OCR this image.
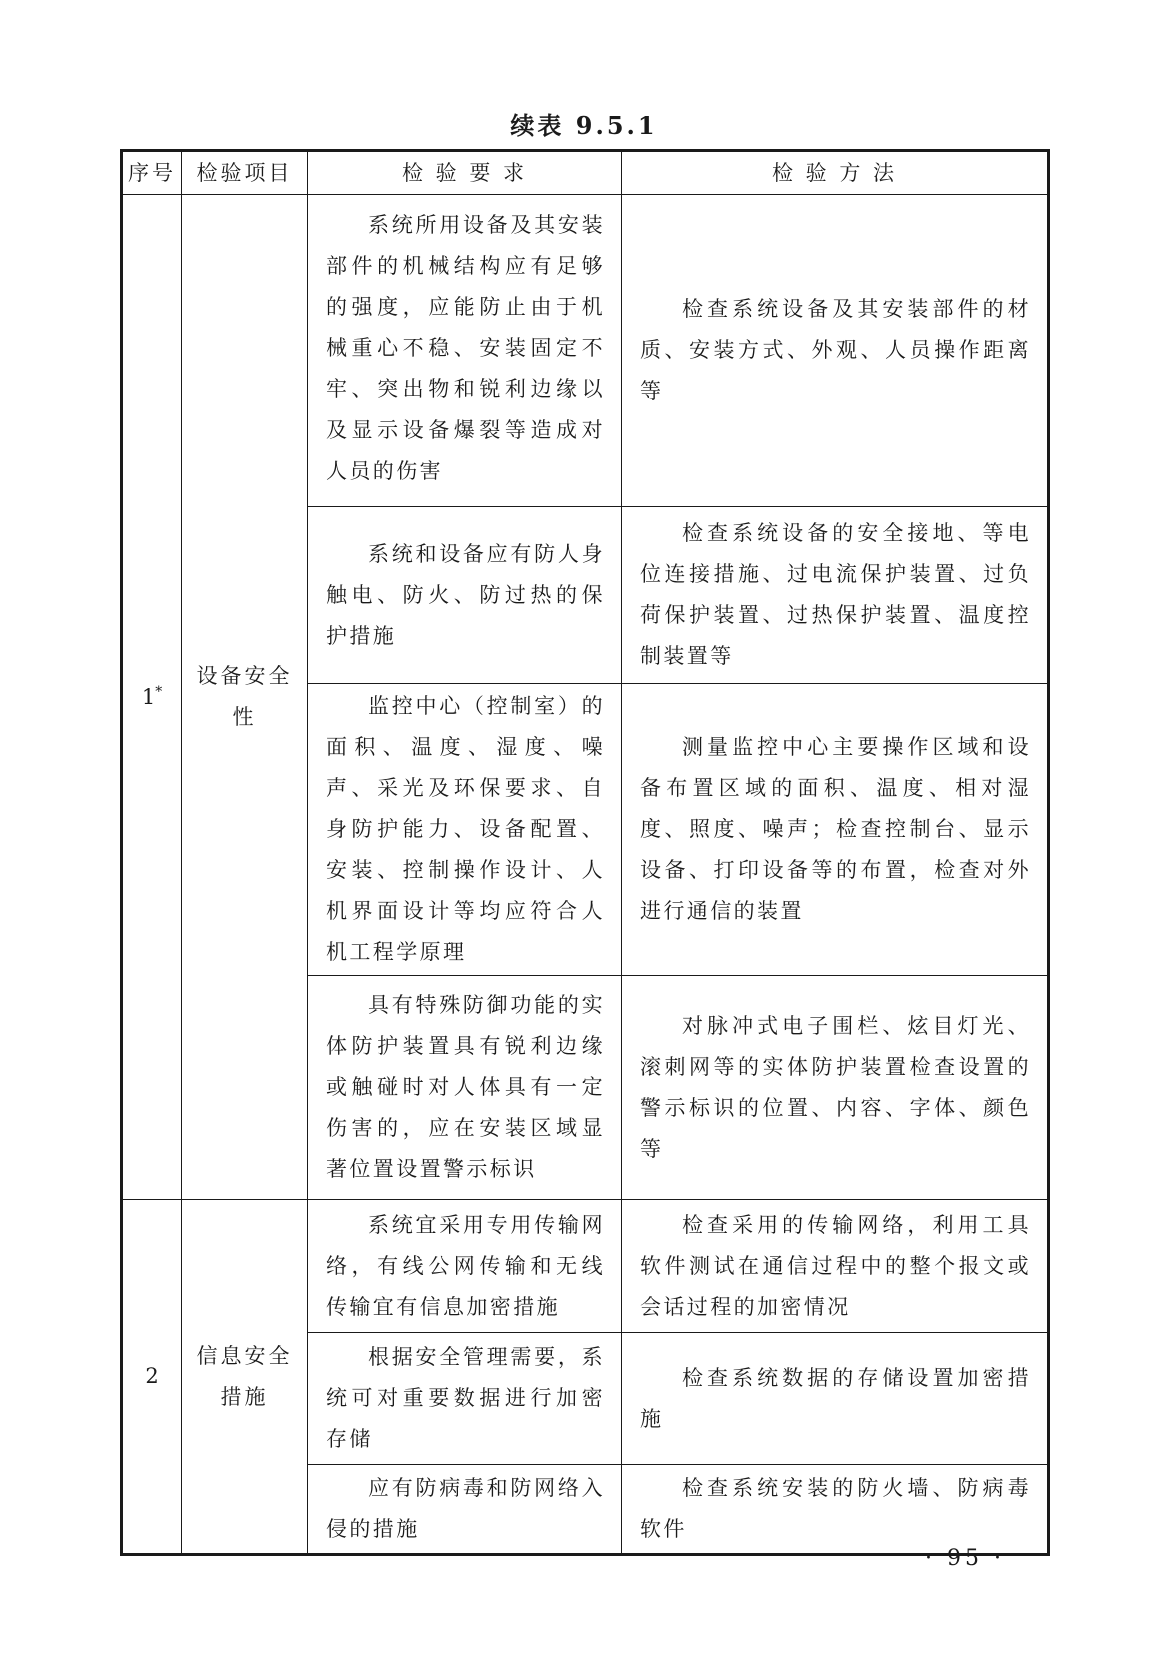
续表 9.5.1
序号	检验项目	检 验 要 求	检 验 方 法
1*	设备安全性	系统所用设备及其安装部件的机械结构应有足够的强度，应能防止由于机械重心不稳、安装固定不牢、突出物和锐利边缘以及显示设备爆裂等造成对人员的伤害	检查系统设备及其安装部件的材质、安装方式、外观、人员操作距离等
		系统和设备应有防人身触电、防火、防过热的保护措施	检查系统设备的安全接地、等电位连接措施、过电流保护装置、过负荷保护装置、过热保护装置、温度控制装置等
		监控中心（控制室）的面积、温度、湿度、噪声、采光及环保要求、自身防护能力、设备配置、安装、控制操作设计、人机界面设计等均应符合人机工程学原理	测量监控中心主要操作区域和设备布置区域的面积、温度、相对湿度、照度、噪声；检查控制台、显示设备、打印设备等的布置，检查对外进行通信的装置
		具有特殊防御功能的实体防护装置具有锐利边缘或触碰时对人体具有一定伤害的，应在安装区域显著位置设置警示标识	对脉冲式电子围栏、炫目灯光、滚刺网等的实体防护装置检查设置的警示标识的位置、内容、字体、颜色等
2	信息安全措施	系统宜采用专用传输网络，有线公网传输和无线传输宜有信息加密措施	检查采用的传输网络，利用工具软件测试在通信过程中的整个报文或会话过程的加密情况
		根据安全管理需要，系统可对重要数据进行加密存储	检查系统数据的存储设置加密措施
		应有防病毒和防网络入侵的措施	检查系统安装的防火墙、防病毒软件
· 95 ·
